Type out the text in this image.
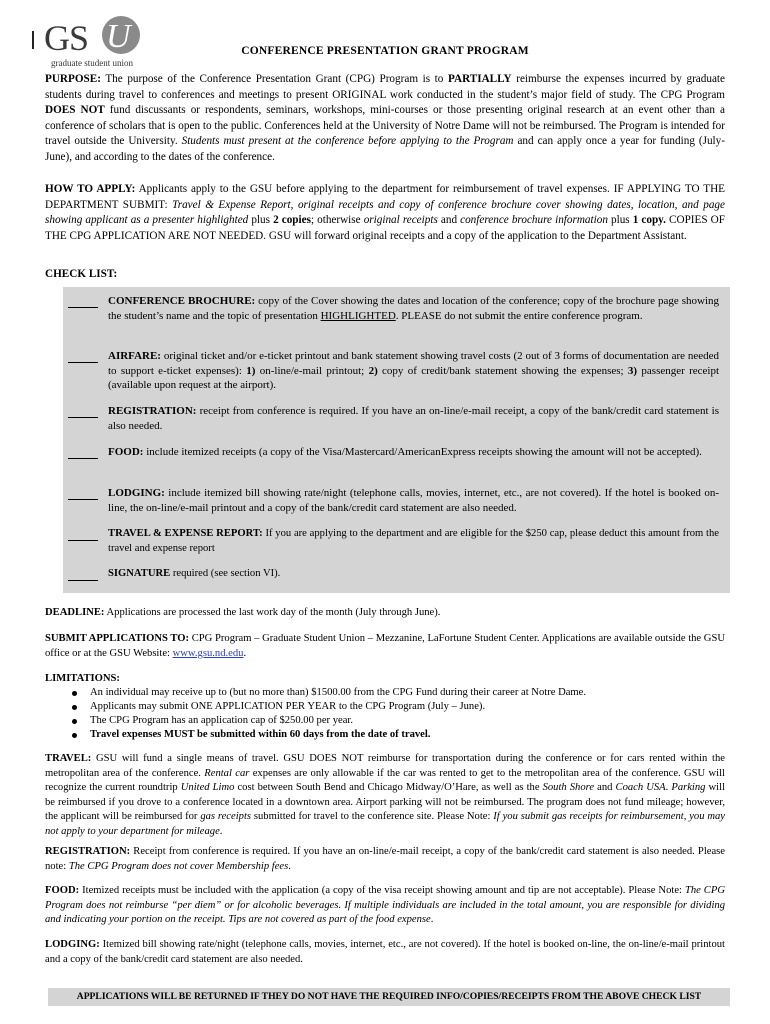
GS U
graduate student union
CONFERENCE PRESENTATION GRANT PROGRAM
PURPOSE: The purpose of the Conference Presentation Grant (CPG) Program is to PARTIALLY reimburse the expenses incurred by graduate students during travel to conferences and meetings to present ORIGINAL work conducted in the student’s major field of study. The CPG Program DOES NOT fund discussants or respondents, seminars, workshops, mini-courses or those presenting original research at an event other than a conference of scholars that is open to the public. Conferences held at the University of Notre Dame will not be reimbursed. The Program is intended for travel outside the University. Students must present at the conference before applying to the Program and can apply once a year for funding (July-June), and according to the dates of the conference.
HOW TO APPLY: Applicants apply to the GSU before applying to the department for reimbursement of travel expenses. IF APPLYING TO THE DEPARTMENT SUBMIT: Travel & Expense Report, original receipts and copy of conference brochure cover showing dates, location, and page showing applicant as a presenter highlighted plus 2 copies; otherwise original receipts and conference brochure information plus 1 copy. COPIES OF THE CPG APPLICATION ARE NOT NEEDED. GSU will forward original receipts and a copy of the application to the Department Assistant.
CHECK LIST:
CONFERENCE BROCHURE: copy of the Cover showing the dates and location of the conference; copy of the brochure page showing the student’s name and the topic of presentation HIGHLIGHTED. PLEASE do not submit the entire conference program.
AIRFARE: original ticket and/or e-ticket printout and bank statement showing travel costs (2 out of 3 forms of documentation are needed to support e-ticket expenses): 1) on-line/e-mail printout; 2) copy of credit/bank statement showing the expenses; 3) passenger receipt (available upon request at the airport).
REGISTRATION: receipt from conference is required. If you have an on-line/e-mail receipt, a copy of the bank/credit card statement is also needed.
FOOD: include itemized receipts (a copy of the Visa/Mastercard/AmericanExpress receipts showing the amount will not be accepted).
LODGING: include itemized bill showing rate/night (telephone calls, movies, internet, etc., are not covered). If the hotel is booked on-line, the on-line/e-mail printout and a copy of the bank/credit card statement are also needed.
TRAVEL & EXPENSE REPORT: If you are applying to the department and are eligible for the $250 cap, please deduct this amount from the travel and expense report
SIGNATURE required (see section VI).
DEADLINE: Applications are processed the last work day of the month (July through June).
SUBMIT APPLICATIONS TO: CPG Program – Graduate Student Union – Mezzanine, LaFortune Student Center. Applications are available outside the GSU office or at the GSU Website: www.gsu.nd.edu.
LIMITATIONS:
An individual may receive up to (but no more than) $1500.00 from the CPG Fund during their career at Notre Dame.
Applicants may submit ONE APPLICATION PER YEAR to the CPG Program (July – June).
The CPG Program has an application cap of $250.00 per year.
Travel expenses MUST be submitted within 60 days from the date of travel.
TRAVEL: GSU will fund a single means of travel. GSU DOES NOT reimburse for transportation during the conference or for cars rented within the metropolitan area of the conference. Rental car expenses are only allowable if the car was rented to get to the metropolitan area of the conference. GSU will recognize the current roundtrip United Limo cost between South Bend and Chicago Midway/O’Hare, as well as the South Shore and Coach USA. Parking will be reimbursed if you drove to a conference located in a downtown area. Airport parking will not be reimbursed. The program does not fund mileage; however, the applicant will be reimbursed for gas receipts submitted for travel to the conference site. Please Note: If you submit gas receipts for reimbursement, you may not apply to your department for mileage.
REGISTRATION: Receipt from conference is required. If you have an on-line/e-mail receipt, a copy of the bank/credit card statement is also needed. Please note: The CPG Program does not cover Membership fees.
FOOD: Itemized receipts must be included with the application (a copy of the visa receipt showing amount and tip are not acceptable). Please Note: The CPG Program does not reimburse “per diem” or for alcoholic beverages. If multiple individuals are included in the total amount, you are responsible for dividing and indicating your portion on the receipt. Tips are not covered as part of the food expense.
LODGING: Itemized bill showing rate/night (telephone calls, movies, internet, etc., are not covered). If the hotel is booked on-line, the on-line/e-mail printout and a copy of the bank/credit card statement are also needed.
APPLICATIONS WILL BE RETURNED IF THEY DO NOT HAVE THE REQUIRED INFO/COPIES/RECEIPTS FROM THE ABOVE CHECK LIST
